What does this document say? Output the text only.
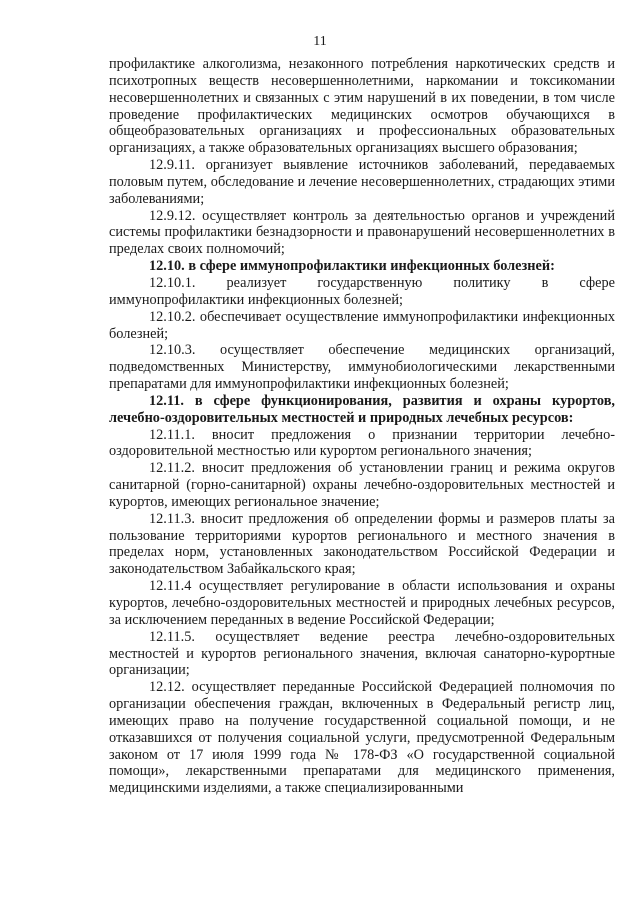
11

профилактике алкоголизма, незаконного потребления наркотических средств и психотропных веществ несовершеннолетними, наркомании и токсикомании несовершеннолетних и связанных с этим нарушений в их поведении, в том числе проведение профилактических медицинских осмотров обучающихся в общеобразовательных организациях и профессиональных образовательных организациях, а также образовательных организациях высшего образования;

12.9.11. организует выявление источников заболеваний, передаваемых половым путем, обследование и лечение несовершеннолетних, страдающих этими заболеваниями;

12.9.12. осуществляет контроль за деятельностью органов и учреждений системы профилактики безнадзорности и правонарушений несовершеннолетних в пределах своих полномочий;

12.10. в сфере иммунопрофилактики инфекционных болезней:

12.10.1. реализует государственную политику в сфере иммунопрофилактики инфекционных болезней;

12.10.2. обеспечивает осуществление иммунопрофилактики инфекционных болезней;

12.10.3. осуществляет обеспечение медицинских организаций, подведомственных Министерству, иммунобиологическими лекарственными препаратами для иммунопрофилактики инфекционных болезней;

12.11. в сфере функционирования, развития и охраны курортов, лечебно-оздоровительных местностей и природных лечебных ресурсов:

12.11.1. вносит предложения о признании территории лечебно-оздоровительной местностью или курортом регионального значения;

12.11.2. вносит предложения об установлении границ и режима округов санитарной (горно-санитарной) охраны лечебно-оздоровительных местностей и курортов, имеющих региональное значение;

12.11.3. вносит предложения об определении формы и размеров платы за пользование территориями курортов регионального и местного значения в пределах норм, установленных законодательством Российской Федерации и законодательством Забайкальского края;

12.11.4 осуществляет регулирование в области использования и охраны курортов, лечебно-оздоровительных местностей и природных лечебных ресурсов, за исключением переданных в ведение Российской Федерации;

12.11.5. осуществляет ведение реестра лечебно-оздоровительных местностей и курортов регионального значения, включая санаторно-курортные организации;

12.12. осуществляет переданные Российской Федерацией полномочия по организации обеспечения граждан, включенных в Федеральный регистр лиц, имеющих право на получение государственной социальной помощи, и не отказавшихся от получения социальной услуги, предусмотренной Федеральным законом от 17 июля 1999 года № 178-ФЗ «О государственной социальной помощи», лекарственными препаратами для медицинского применения, медицинскими изделиями, а также специализированными
